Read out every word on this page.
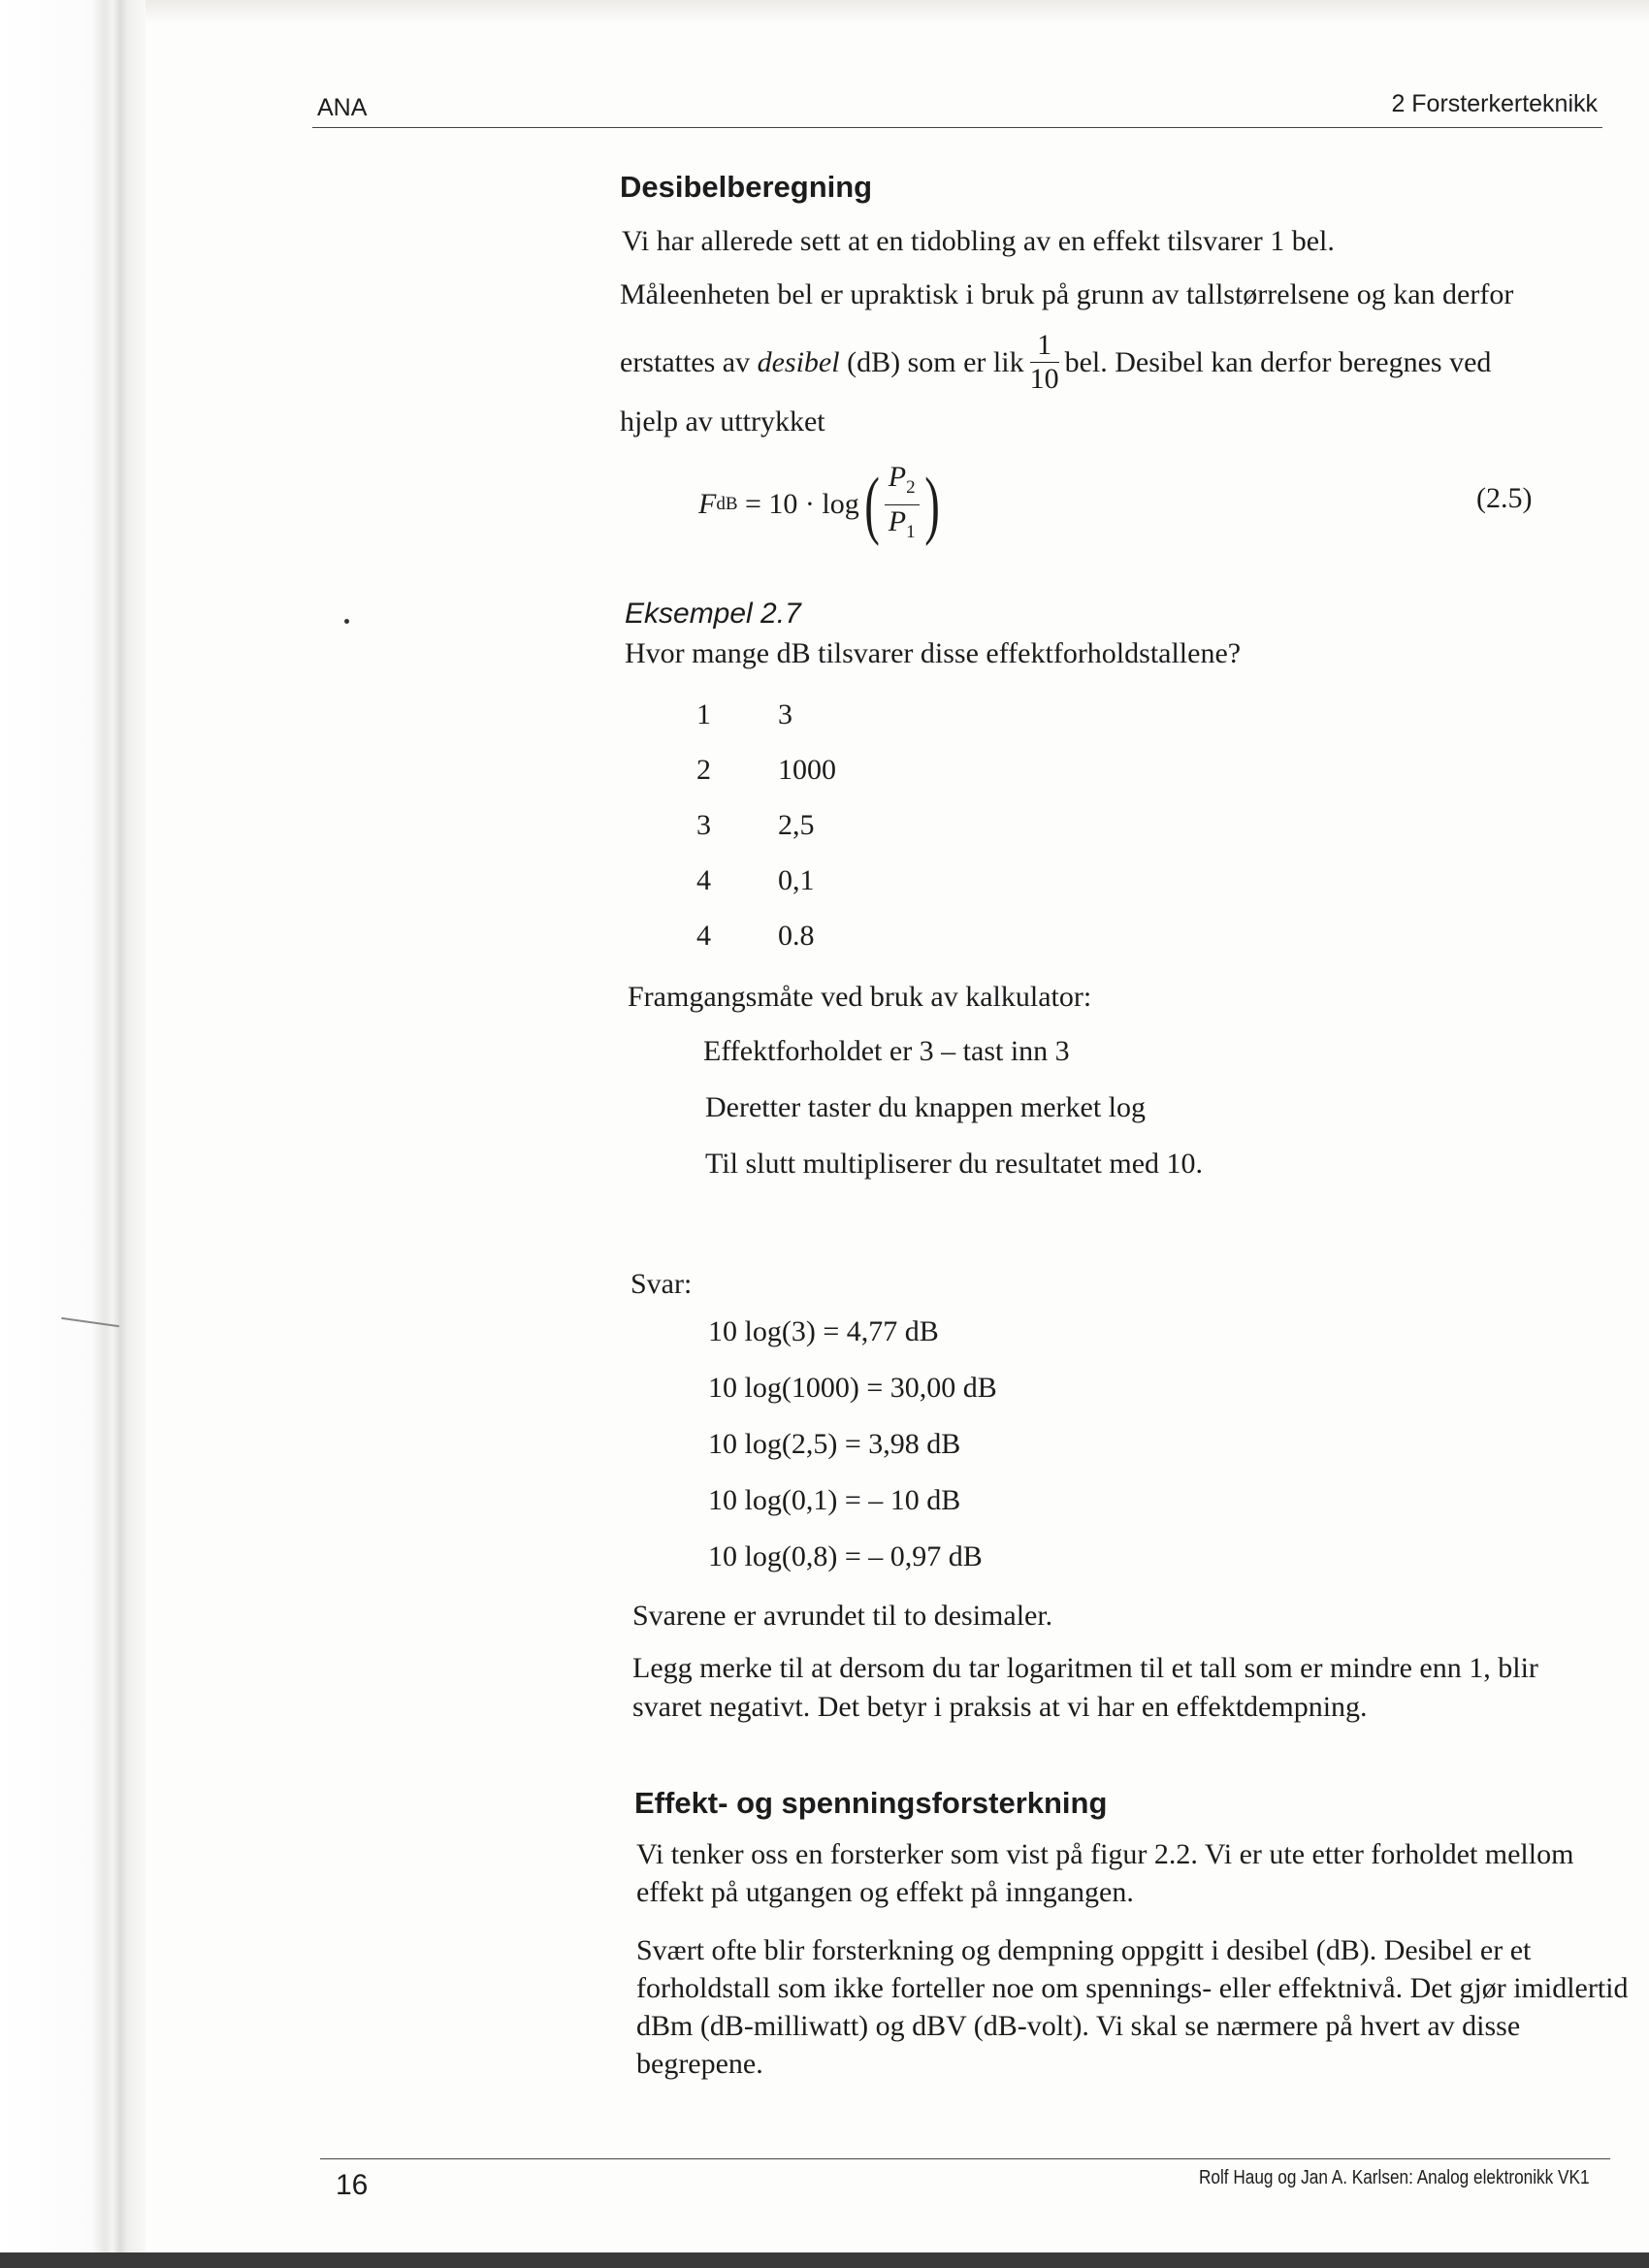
ANA	2 Forsterkerteknikk
Desibelberegning
Vi har allerede sett at en tidobling av en effekt tilsvarer 1 bel.
Måleenheten bel er upraktisk i bruk på grunn av tallstørrelsene og kan derfor
erstattes av desibel (dB) som er lik $\frac{1}{10}$ bel. Desibel kan derfor beregnes ved
hjelp av uttrykket
F dB = 10 · log ( $\frac{P_2}{P_1}$ )	(2.5)
Eksempel 2.7
Hvor mange dB tilsvarer disse effektforholdstallene?
1 3
2 1000
3 2,5
4 0,1
4 0.8
Framgangsmåte ved bruk av kalkulator:
Effektforholdet er 3 – tast inn 3
Deretter taster du knappen merket log
Til slutt multipliserer du resultatet med 10.
Svar:
10 log(3) = 4,77 dB
10 log(1000) = 30,00 dB
10 log(2,5) = 3,98 dB
10 log(0,1) = – 10 dB
10 log(0,8) = – 0,97 dB
Svarene er avrundet til to desimaler.
Legg merke til at dersom du tar logaritmen til et tall som er mindre enn 1, blir
svaret negativt. Det betyr i praksis at vi har en effektdempning.
Effekt- og spenningsforsterkning
Vi tenker oss en forsterker som vist på figur 2.2. Vi er ute etter forholdet mellom effekt på utgangen og effekt på inngangen.
Svært ofte blir forsterkning og dempning oppgitt i desibel (dB). Desibel er et forholdstall som ikke forteller noe om spennings- eller effektnivå. Det gjør imidlertid dBm (dB-milliwatt) og dBV (dB-volt). Vi skal se nærmere på hvert av disse begrepene.
16	Rolf Haug og Jan A. Karlsen: Analog elektronikk VK1
